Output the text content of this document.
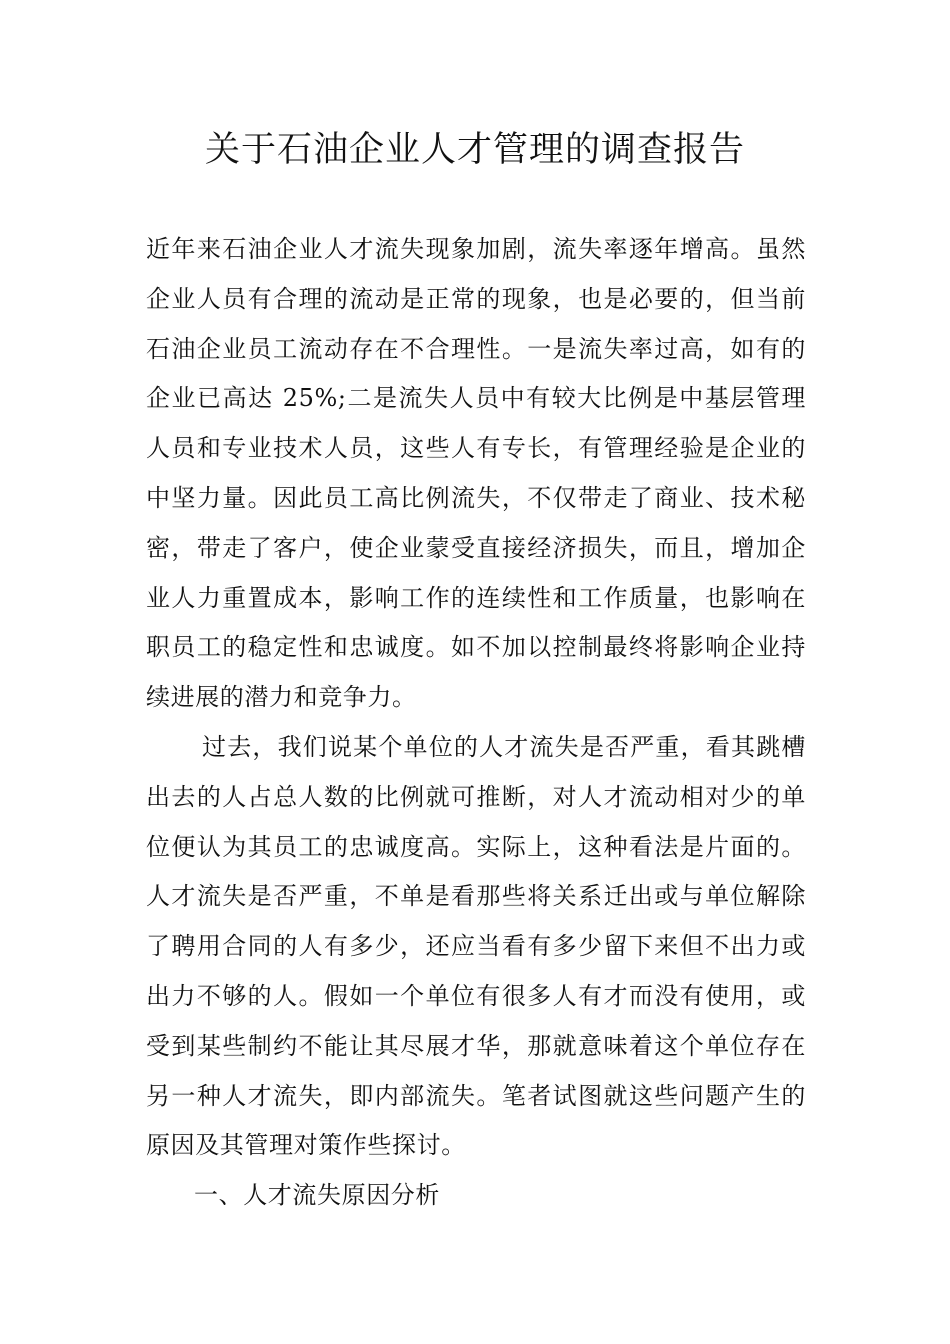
关于石油企业人才管理的调查报告

近年来石油企业人才流失现象加剧，流失率逐年增高。虽然企业人员有合理的流动是正常的现象，也是必要的，但当前石油企业员工流动存在不合理性。一是流失率过高，如有的企业已高达 25%;二是流失人员中有较大比例是中基层管理人员和专业技术人员，这些人有专长，有管理经验是企业的中坚力量。因此员工高比例流失，不仅带走了商业、技术秘密，带走了客户，使企业蒙受直接经济损失，而且，增加企业人力重置成本，影响工作的连续性和工作质量，也影响在职员工的稳定性和忠诚度。如不加以控制最终将影响企业持续进展的潜力和竞争力。

过去，我们说某个单位的人才流失是否严重，看其跳槽出去的人占总人数的比例就可推断，对人才流动相对少的单位便认为其员工的忠诚度高。实际上，这种看法是片面的。人才流失是否严重，不单是看那些将关系迁出或与单位解除了聘用合同的人有多少，还应当看有多少留下来但不出力或出力不够的人。假如一个单位有很多人有才而没有使用，或受到某些制约不能让其尽展才华，那就意味着这个单位存在另一种人才流失，即内部流失。笔者试图就这些问题产生的原因及其管理对策作些探讨。

一、人才流失原因分析
